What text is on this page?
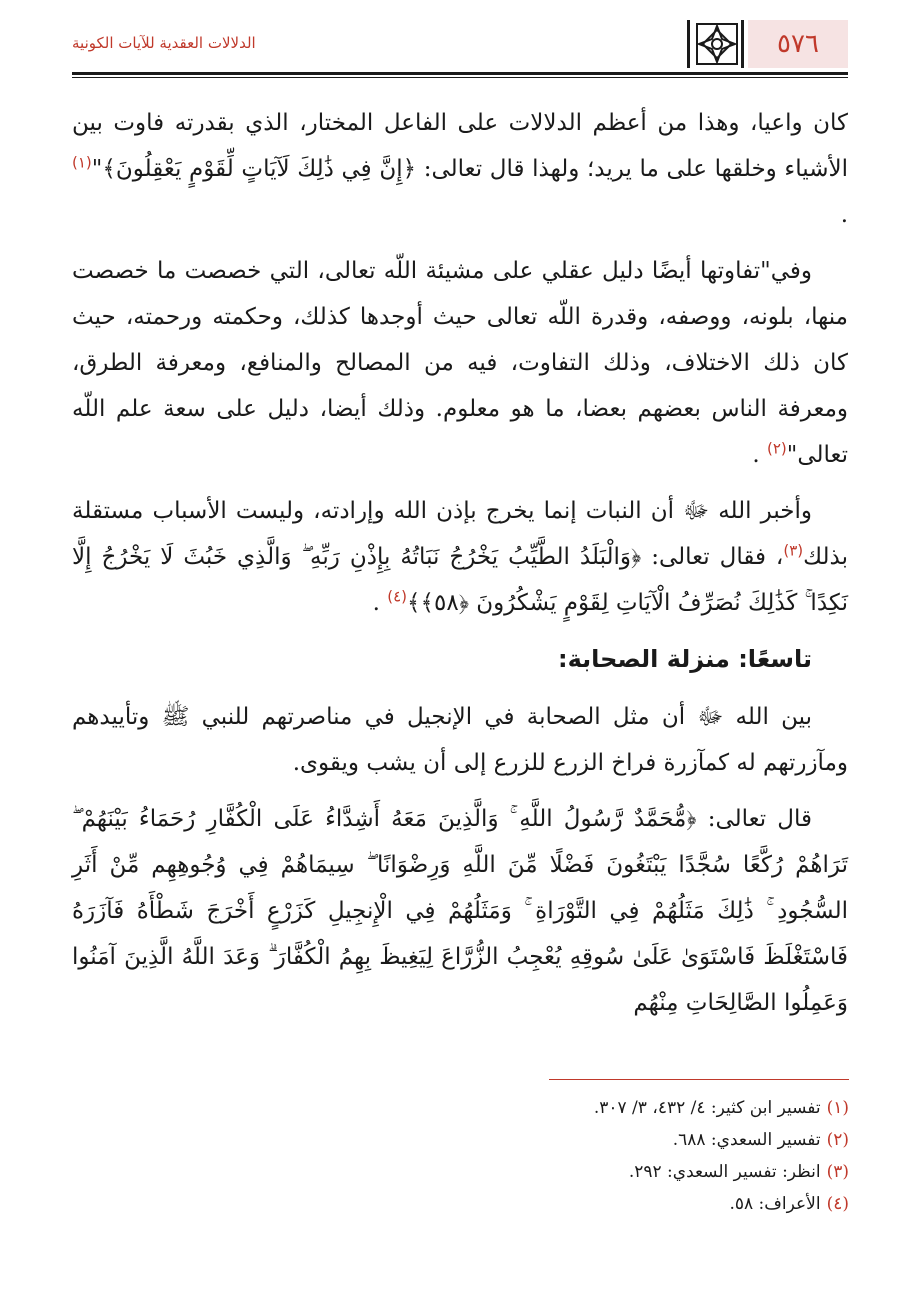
٥٧٦
الدلالات العقدية للآيات الكونية

كان واعيا، وهذا من أعظم الدلالات على الفاعل المختار، الذي بقدرته فاوت بين الأشياء وخلقها على ما يريد؛ ولهذا قال تعالى: ﴿إِنَّ فِي ذَٰلِكَ لَآيَاتٍ لِّقَوْمٍ يَعْقِلُونَ﴾"$^{(١)}$ .

وفي"تفاوتها أيضًا دليل عقلي على مشيئة اللّه تعالى، التي خصصت ما خصصت منها، بلونه، ووصفه، وقدرة اللّه تعالى حيث أوجدها كذلك، وحكمته ورحمته، حيث كان ذلك الاختلاف، وذلك التفاوت، فيه من المصالح والمنافع، ومعرفة الطرق، ومعرفة الناس بعضهم بعضا، ما هو معلوم. وذلك أيضا، دليل على سعة علم اللّه تعالى"$^{(٢)}$ .

وأخبر الله ﷻ أن النبات إنما يخرج بإذن الله وإرادته، وليست الأسباب مستقلة بذلك$^{(٣)}$، فقال تعالى: ﴿وَالْبَلَدُ الطَّيِّبُ يَخْرُجُ نَبَاتُهُ بِإِذْنِ رَبِّهِ ۖ وَالَّذِي خَبُثَ لَا يَخْرُجُ إِلَّا نَكِدًا ۚ كَذَٰلِكَ نُصَرِّفُ الْآيَاتِ لِقَوْمٍ يَشْكُرُونَ ﴿٥٨﴾﴾$^{(٤)}$ .

تاسعًا: منزلة الصحابة:

بين الله ﷻ أن مثل الصحابة في الإنجيل في مناصرتهم للنبي ﷺ وتأييدهم ومآزرتهم له كمآزرة فراخ الزرع للزرع إلى أن يشب ويقوى.

قال تعالى: ﴿مُّحَمَّدٌ رَّسُولُ اللَّهِ ۚ وَالَّذِينَ مَعَهُ أَشِدَّاءُ عَلَى الْكُفَّارِ رُحَمَاءُ بَيْنَهُمْ ۖ تَرَاهُمْ رُكَّعًا سُجَّدًا يَبْتَغُونَ فَضْلًا مِّنَ اللَّهِ وَرِضْوَانًا ۖ سِيمَاهُمْ فِي وُجُوهِهِم مِّنْ أَثَرِ السُّجُودِ ۚ ذَٰلِكَ مَثَلُهُمْ فِي التَّوْرَاةِ ۚ وَمَثَلُهُمْ فِي الْإِنجِيلِ كَزَرْعٍ أَخْرَجَ شَطْأَهُ فَآزَرَهُ فَاسْتَغْلَظَ فَاسْتَوَىٰ عَلَىٰ سُوقِهِ يُعْجِبُ الزُّرَّاعَ لِيَغِيظَ بِهِمُ الْكُفَّارَ ۗ وَعَدَ اللَّهُ الَّذِينَ آمَنُوا وَعَمِلُوا الصَّالِحَاتِ مِنْهُم

(١)تفسير ابن كثير: ٤/ ٤٣٢، ٣/ ٣٠٧.
(٢)تفسير السعدي: ٦٨٨.
(٣)انظر: تفسير السعدي: ٢٩٢.
(٤)الأعراف: ٥٨.
